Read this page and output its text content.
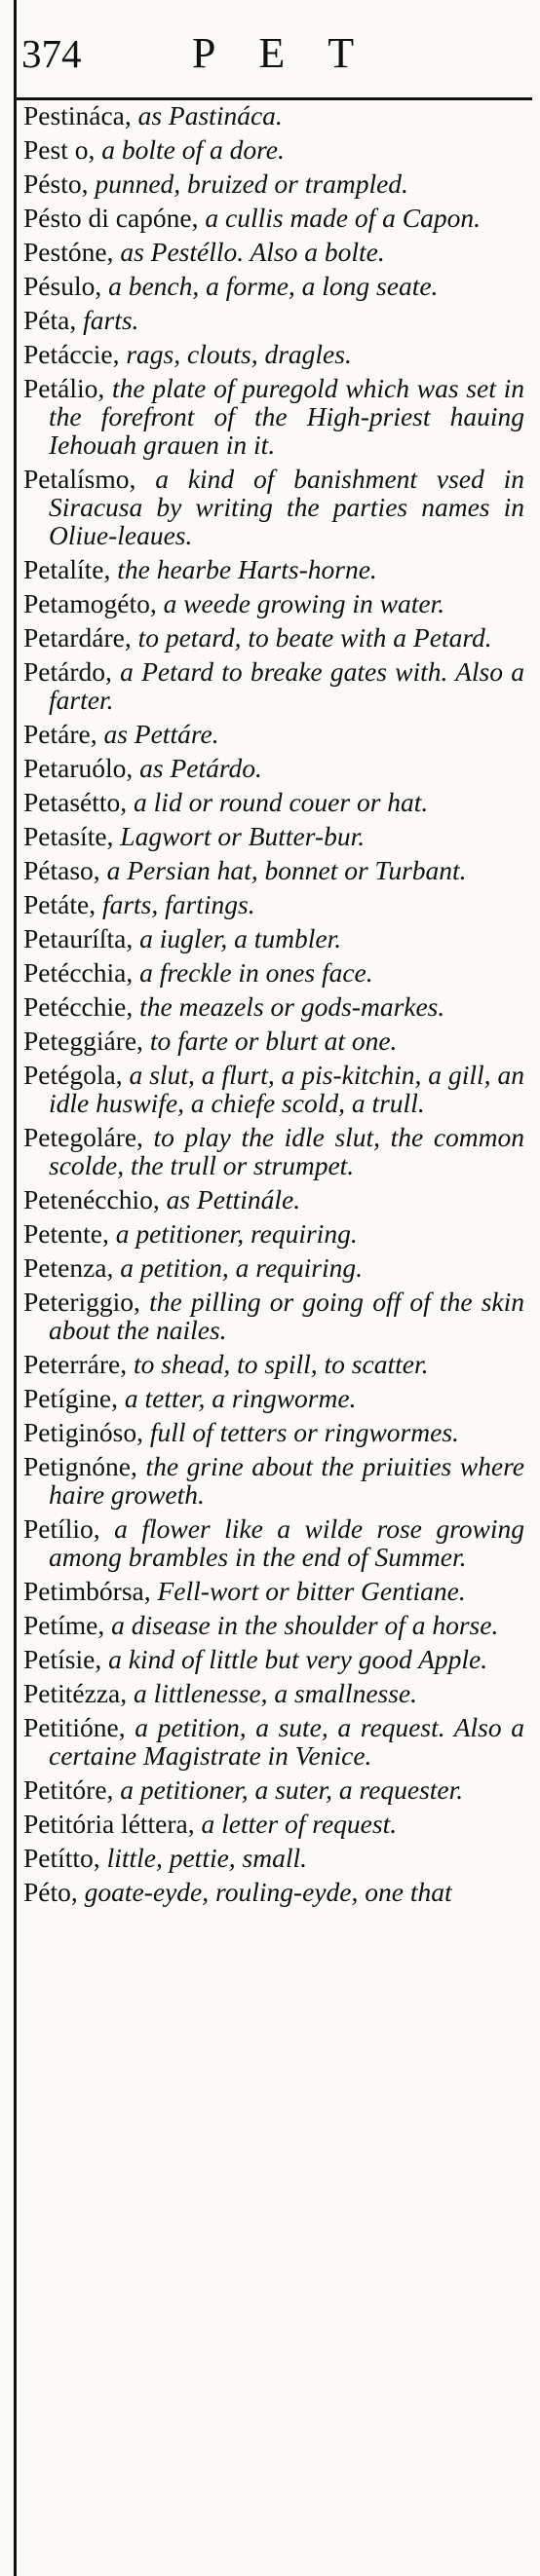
374	PET

Pestináca, as Pastináca.

Pest o, a bolte of a dore.

Pésto, punned, bruized or trampled.

Pésto di capóne, a cullis made of a Capon.

Pestóne, as Pestéllo. Also a bolte.

Pésulo, a bench, a forme, a long seate.

Péta, farts.

Petáccie, rags, clouts, dragles.

Petálio, the plate of puregold which was set in the forefront of the High-priest hauing Iehouah grauen in it.

Petalísmo, a kind of banishment vsed in Siracusa by writing the parties names in Oliue-leaues.

Petalíte, the hearbe Harts-horne.

Petamogéto, a weede growing in water.

Petardáre, to petard, to beate with a Petard.

Petárdo, a Petard to breake gates with. Also a farter.

Petáre, as Pettáre.

Petaruólo, as Petárdo.

Petasétto, a lid or round couer or hat.

Petasíte, Lagwort or Butter-bur.

Pétaso, a Persian hat, bonnet or Turbant.

Petáte, farts, fartings.

Petauríſta, a iugler, a tumbler.

Petécchia, a freckle in ones face.

Petécchie, the meazels or gods-markes.

Peteggiáre, to farte or blurt at one.

Petégola, a slut, a flurt, a pis-kitchin, a gill, an idle huswife, a chiefe scold, a trull.

Petegoláre, to play the idle slut, the common scolde, the trull or strumpet.

Petenécchio, as Pettinále.

Petente, a petitioner, requiring.

Petenza, a petition, a requiring.

Peteriggio, the pilling or going off of the skin about the nailes.

Peterráre, to shead, to spill, to scatter.

Petígine, a tetter, a ringworme.

Petiginóso, full of tetters or ringwormes.

Petignóne, the grine about the priuities where haire groweth.

Petílio, a flower like a wilde rose growing among brambles in the end of Summer.

Petimbórsa, Fell-wort or bitter Gentiane.

Petíme, a disease in the shoulder of a horse.

Petísie, a kind of little but very good Apple.

Petitézza, a littlenesse, a smallnesse.

Petitióne, a petition, a sute, a request. Also a certaine Magistrate in Venice.

Petitóre, a petitioner, a suter, a requester.

Petitória léttera, a letter of request.

Petítto, little, pettie, small.

Péto, goate-eyde, rouling-eyde, one that
